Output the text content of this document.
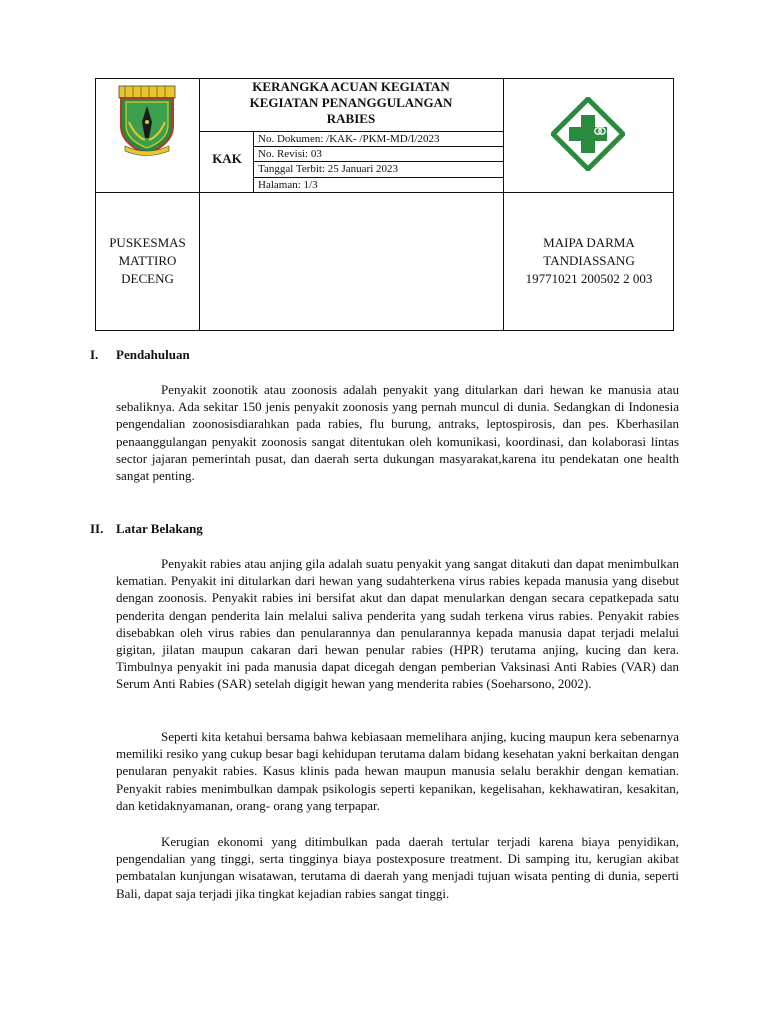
KERANGKA ACUAN KEGIATAN
KEGIATAN PENANGGULANGAN
RABIES
KAK
No. Dokumen: /KAK- /PKM-MD/I/2023
No. Revisi: 03
Tanggal Terbit: 25 Januari 2023
Halaman: 1/3
PUSKESMAS
MATTIRO
DECENG
MAIPA DARMA
TANDIASSANG
19771021 200502 2 003
I. Pendahuluan

Penyakit zoonotik atau zoonosis adalah penyakit yang ditularkan dari hewan ke manusia atau sebaliknya. Ada sekitar 150 jenis penyakit zoonosis yang pernah muncul di dunia. Sedangkan di Indonesia pengendalian zoonosisdiarahkan pada rabies, flu burung, antraks, leptospirosis, dan pes. Kberhasilan penaanggulangan penyakit zoonosis sangat ditentukan oleh komunikasi, koordinasi, dan kolaborasi lintas sector jajaran pemerintah pusat, dan daerah serta dukungan masyarakat,karena itu pendekatan one health sangat penting.

II. Latar Belakang

Penyakit rabies atau anjing gila adalah suatu penyakit yang sangat ditakuti dan dapat menimbulkan kematian. Penyakit ini ditularkan dari hewan yang sudahterkena virus rabies kepada manusia yang disebut dengan zoonosis. Penyakit rabies ini bersifat akut dan dapat menularkan dengan secara cepatkepada satu penderita dengan penderita lain melalui saliva penderita yang sudah terkena virus rabies. Penyakit rabies disebabkan oleh virus rabies dan penularannya dan penularannya kepada manusia dapat terjadi melalui gigitan, jilatan maupun cakaran dari hewan penular rabies (HPR) terutama anjing, kucing dan kera. Timbulnya penyakit ini pada manusia dapat dicegah dengan pemberian Vaksinasi Anti Rabies (VAR) dan Serum Anti Rabies (SAR) setelah digigit hewan yang menderita rabies (Soeharsono, 2002).

Seperti kita ketahui bersama bahwa kebiasaan memelihara anjing, kucing maupun kera sebenarnya memiliki resiko yang cukup besar bagi kehidupan terutama dalam bidang kesehatan yakni berkaitan dengan penularan penyakit rabies. Kasus klinis pada hewan maupun manusia selalu berakhir dengan kematian. Penyakit rabies menimbulkan dampak psikologis seperti kepanikan, kegelisahan, kekhawatiran, kesakitan, dan ketidaknyamanan, orang- orang yang terpapar.

Kerugian ekonomi yang ditimbulkan pada daerah tertular terjadi karena biaya penyidikan, pengendalian yang tinggi, serta tingginya biaya postexposure treatment. Di samping itu, kerugian akibat pembatalan kunjungan wisatawan, terutama di daerah yang menjadi tujuan wisata penting di dunia, seperti Bali, dapat saja terjadi jika tingkat kejadian rabies sangat tinggi.
